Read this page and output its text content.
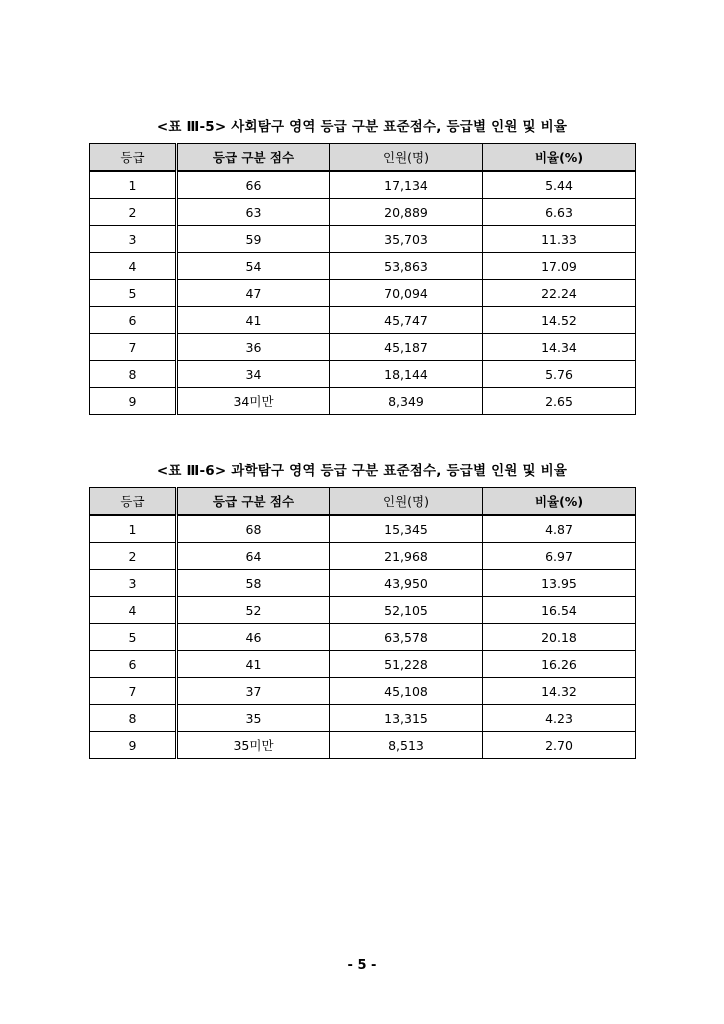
<표 Ⅲ-5> 사회탐구 영역 등급 구분 표준점수, 등급별 인원 및 비율
등급	등급 구분 점수	인원(명)	비율(%)
1	66	17,134	5.44
2	63	20,889	6.63
3	59	35,703	11.33
4	54	53,863	17.09
5	47	70,094	22.24
6	41	45,747	14.52
7	36	45,187	14.34
8	34	18,144	5.76
9	34미만	8,349	2.65
<표 Ⅲ-6> 과학탐구 영역 등급 구분 표준점수, 등급별 인원 및 비율
등급	등급 구분 점수	인원(명)	비율(%)
1	68	15,345	4.87
2	64	21,968	6.97
3	58	43,950	13.95
4	52	52,105	16.54
5	46	63,578	20.18
6	41	51,228	16.26
7	37	45,108	14.32
8	35	13,315	4.23
9	35미만	8,513	2.70
- 5 -
